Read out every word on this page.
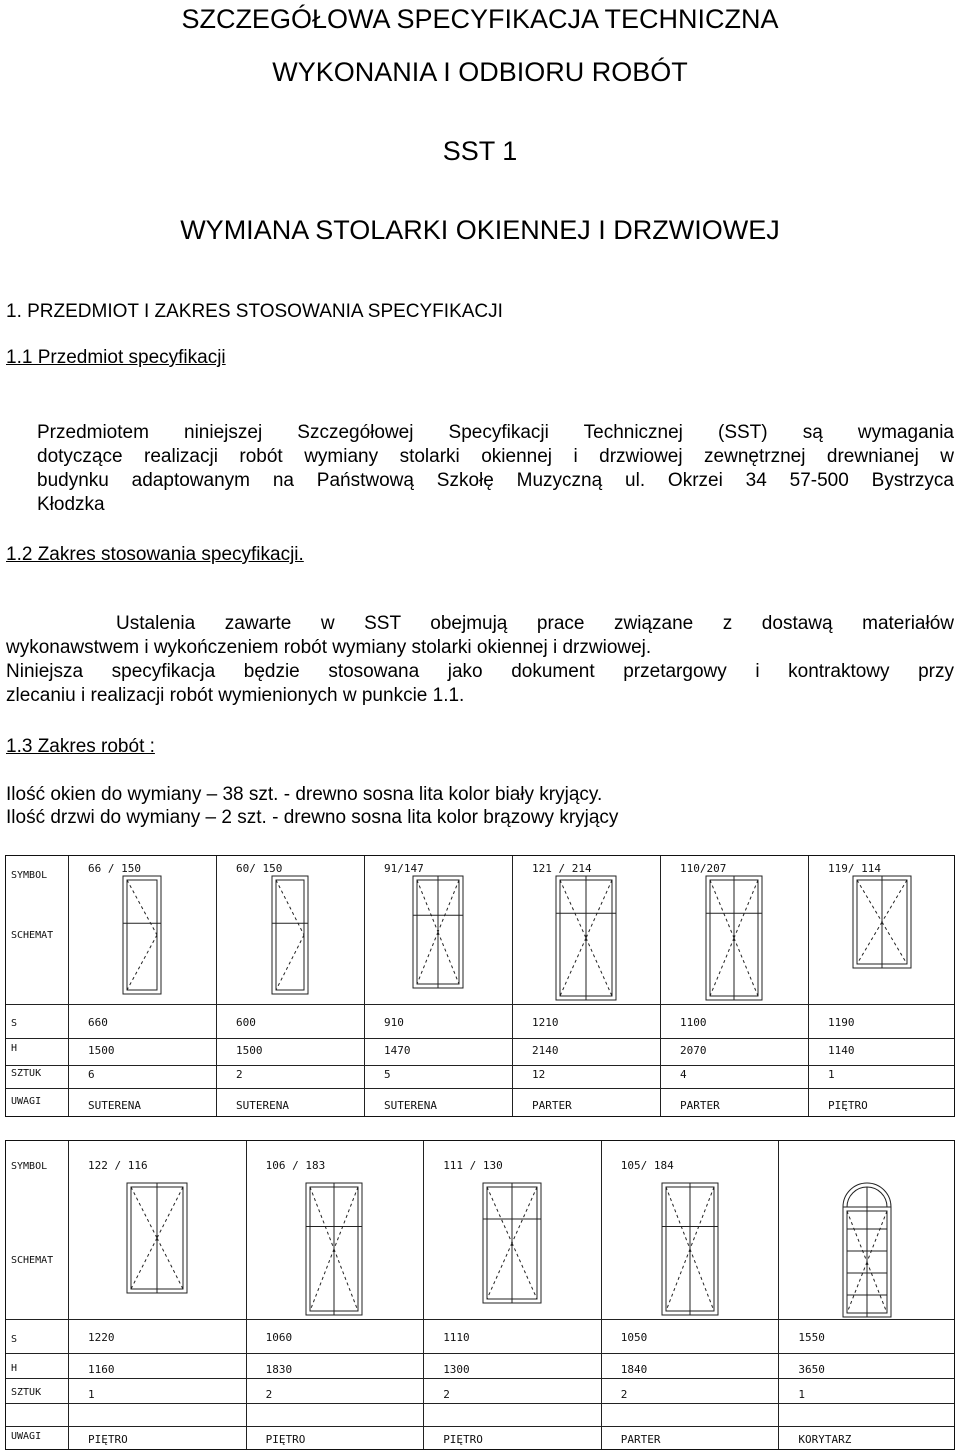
SZCZEGÓŁOWA SPECYFIKACJA TECHNICZNA
WYKONANIA I ODBIORU ROBÓT
SST 1
WYMIANA STOLARKI OKIENNEJ I DRZWIOWEJ
1. PRZEDMIOT I ZAKRES STOSOWANIA SPECYFIKACJI
1.1 Przedmiot specyfikacji
Przedmiotem niniejszej Szczegółowej Specyfikacji Technicznej (SST) są wymagania
dotyczące realizacji robót wymiany stolarki okiennej i drzwiowej zewnętrznej drewnianej w
budynku adaptowanym na Państwową Szkołę Muzyczną ul. Okrzei 34 57-500 Bystrzyca
Kłodzka
1.2 Zakres stosowania specyfikacji.
Ustalenia zawarte w SST obejmują prace związane z dostawą materiałów
wykonawstwem i wykończeniem robót wymiany stolarki okiennej i drzwiowej.
Niniejsza specyfikacja będzie stosowana jako dokument przetargowy i kontraktowy przy
zlecaniu i realizacji robót wymienionych w punkcie 1.1.
1.3 Zakres robót :
Ilość okien do wymiany – 38 szt. - drewno sosna lita kolor biały kryjący.
Ilość drzwi do wymiany – 2 szt. - drewno sosna lita kolor brązowy kryjący
SYMBOL
SCHEMAT
S
H
SZTUK
UWAGI
66 / 150
660
1500
6
SUTERENA
60/ 150
600
1500
2
SUTERENA
91/147
910
1470
5
SUTERENA
121 / 214
1210
2140
12
PARTER
110/207
1100
2070
4
PARTER
119/ 114
1190
1140
1
PIĘTRO
SYMBOL
SCHEMAT
S
H
SZTUK
UWAGI
122 / 116
1220
1160
1
PIĘTRO
106 / 183
1060
1830
2
PIĘTRO
111 / 130
1110
1300
2
PIĘTRO
105/ 184
1050
1840
2
PARTER
1550
3650
1
KORYTARZ
